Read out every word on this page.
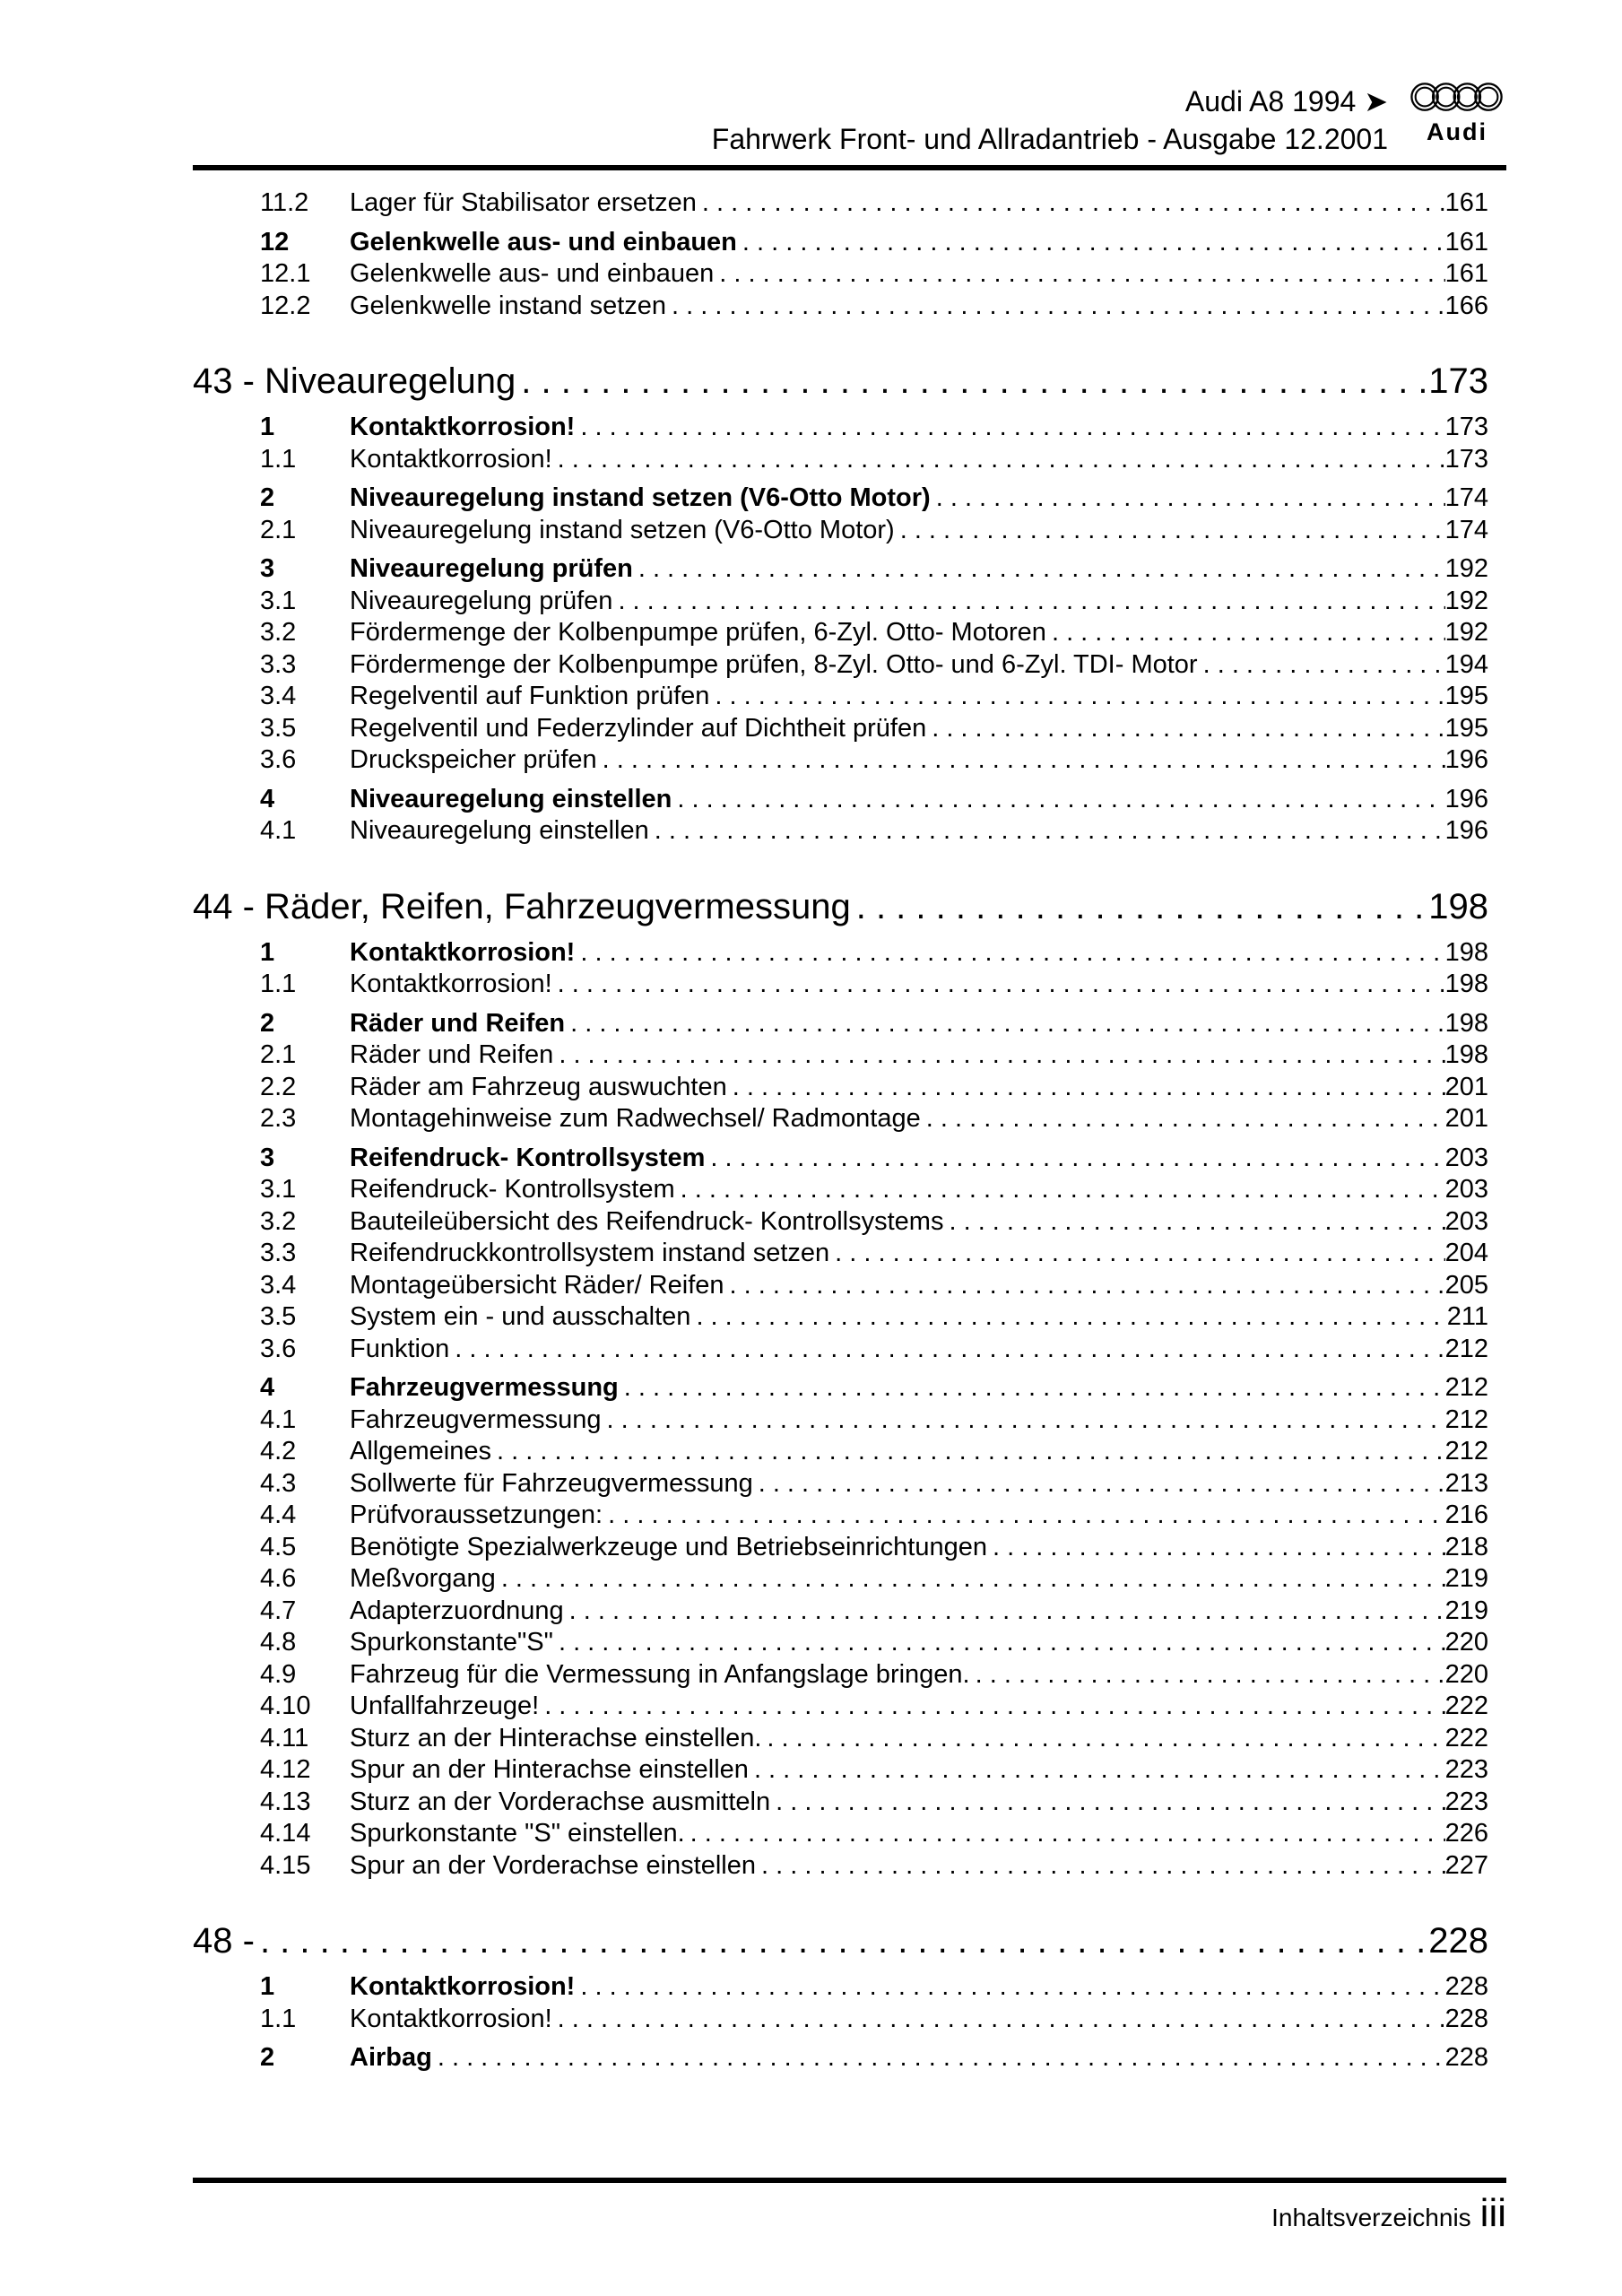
Audi A8 1994 ➤
Fahrwerk Front- und Allradantrieb - Ausgabe 12.2001	Audi
11.2	Lager für Stabilisator ersetzen . . .	161
12	Gelenkwelle aus- und einbauen . . .	161
12.1	Gelenkwelle aus- und einbauen . . .	161
12.2	Gelenkwelle instand setzen . . .	166
43 - Niveauregelung . . .	173
1	Kontaktkorrosion! . . .	173
1.1	Kontaktkorrosion! . . .	173
2	Niveauregelung instand setzen (V6-Otto Motor) . . .	174
2.1	Niveauregelung instand setzen (V6-Otto Motor) . . .	174
3	Niveauregelung prüfen . . .	192
3.1	Niveauregelung prüfen . . .	192
3.2	Fördermenge der Kolbenpumpe prüfen, 6-Zyl. Otto- Motoren . . .	192
3.3	Fördermenge der Kolbenpumpe prüfen, 8-Zyl. Otto- und 6-Zyl. TDI- Motor . . .	194
3.4	Regelventil auf Funktion prüfen . . .	195
3.5	Regelventil und Federzylinder auf Dichtheit prüfen . . .	195
3.6	Druckspeicher prüfen . . .	196
4	Niveauregelung einstellen . . .	196
4.1	Niveauregelung einstellen . . .	196
44 - Räder, Reifen, Fahrzeugvermessung . . .	198
1	Kontaktkorrosion! . . .	198
1.1	Kontaktkorrosion! . . .	198
2	Räder und Reifen . . .	198
2.1	Räder und Reifen . . .	198
2.2	Räder am Fahrzeug auswuchten . . .	201
2.3	Montagehinweise zum Radwechsel/ Radmontage . . .	201
3	Reifendruck- Kontrollsystem . . .	203
3.1	Reifendruck- Kontrollsystem . . .	203
3.2	Bauteileübersicht des Reifendruck- Kontrollsystems . . .	203
3.3	Reifendruckkontrollsystem instand setzen . . .	204
3.4	Montageübersicht Räder/ Reifen . . .	205
3.5	System ein - und ausschalten . . .	211
3.6	Funktion . . .	212
4	Fahrzeugvermessung . . .	212
4.1	Fahrzeugvermessung . . .	212
4.2	Allgemeines . . .	212
4.3	Sollwerte für Fahrzeugvermessung . . .	213
4.4	Prüfvoraussetzungen: . . .	216
4.5	Benötigte Spezialwerkzeuge und Betriebseinrichtungen . . .	218
4.6	Meßvorgang . . .	219
4.7	Adapterzuordnung . . .	219
4.8	Spurkonstante"S" . . .	220
4.9	Fahrzeug für die Vermessung in Anfangslage bringen. . . .	220
4.10	Unfallfahrzeuge! . . .	222
4.11	Sturz an der Hinterachse einstellen. . . .	222
4.12	Spur an der Hinterachse einstellen . . .	223
4.13	Sturz an der Vorderachse ausmitteln . . .	223
4.14	Spurkonstante "S" einstellen. . . .	226
4.15	Spur an der Vorderachse einstellen . . .	227
48 - . . .	228
1	Kontaktkorrosion! . . .	228
1.1	Kontaktkorrosion! . . .	228
2	Airbag . . .	228
Inhaltsverzeichnis iii
